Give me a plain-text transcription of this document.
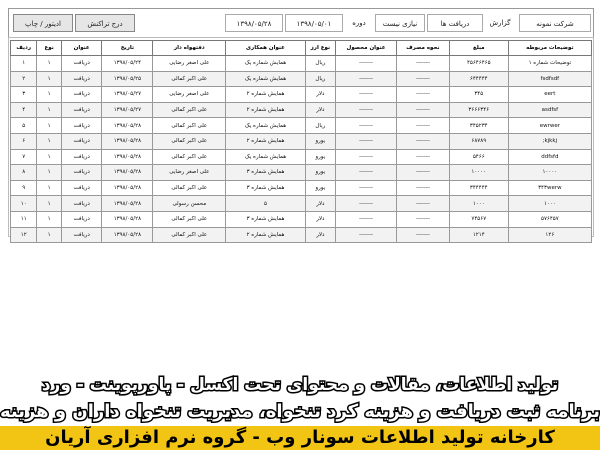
ادیتور / چاپ	درج تراکنش	۱۳۹۸/۰۵/۲۸	۱۳۹۸/۰۵/۰۱	دوره	نیازی نیست	دریافت ها	گزارش	شرکت نمونه
توضیحات مربوطه	مبلغ	نحوه مصرف	عنوان محصول	نوع ارز	عنوان همکاری	دفتهواه دار	تاریخ	عنوان	نوع	ردیف
توضیحات شماره ۱	۴۵۶۴۶۴۶۵	-------	-------	ریال	همایش شماره یک	علی اصغر رضایی	۱۳۹۸/۰۵/۲۴	دریافت	۱	۱
fsdfsdf	۶۴۴۴۴۴	-------	-------	ریال	همایش شماره یک	علی اکبر کمالی	۱۳۹۸/۰۵/۲۵	دریافت	۱	۲
eert	۳۴۵	-------	-------	دلار	همایش شماره ۲	علی اصغر رضایی	۱۳۹۸/۰۵/۲۷	دریافت	۱	۳
asdfsf	۳۶۶۶۳۴۶	-------	-------	دلار	همایش شماره ۲	علی اکبر کمالی	۱۳۹۸/۰۵/۲۷	دریافت	۱	۴
ewrwer	۳۴۵۲۳۴	-------	-------	ریال	همایش شماره یک	علی اکبر کمالی	۱۳۹۸/۰۵/۲۸	دریافت	۱	۵
kjkkj;	۶۸۷۸۹	-------	-------	یورو	همایش شماره ۲	علی اکبر کمالی	۱۳۹۸/۰۵/۲۸	دریافت	۱	۶
ddfsfd	۵۴۶۶	-------	-------	یورو	همایش شماره یک	علی اکبر کمالی	۱۳۹۸/۰۵/۲۸	دریافت	۱	۷
۱۰۰۰۰	۱۰۰۰۰	-------	-------	یورو	همایش شماره ۳	علی اصغر رضایی	۱۳۹۸/۰۵/۲۸	دریافت	۱	۸
۳۴۳werw	۳۴۴۴۴۴	-------	-------	یورو	همایش شماره ۳	علی اکبر کمالی	۱۳۹۸/۰۵/۲۸	دریافت	۱	۹
۱۰۰۰	۱۰۰۰	-------	-------	دلار	۵	محسن رسولی	۱۳۹۸/۰۵/۲۸	دریافت	۱	۱۰
۵۷۶۴۵۷	۷۴۵۶۷	-------	-------	دلار	همایش شماره ۳	علی اکبر کمالی	۱۳۹۸/۰۵/۲۸	دریافت	۱	۱۱
۱۲۶	۱۲۱۴	-------	-------	دلار	همایش شماره ۲	علی اکبر کمالی	۱۳۹۸/۰۵/۲۸	دریافت	۱	۱۲
تولید اطلاعات، مقالات و محتوای تحت اکسل - پاورپوینت - ورد
برنامه ثبت دریافت و هزینه کرد تنخواه، مدیریت تنخواه داران و هزینه
کارخانه تولید اطلاعات سونار وب - گروه نرم افزاری آریان
